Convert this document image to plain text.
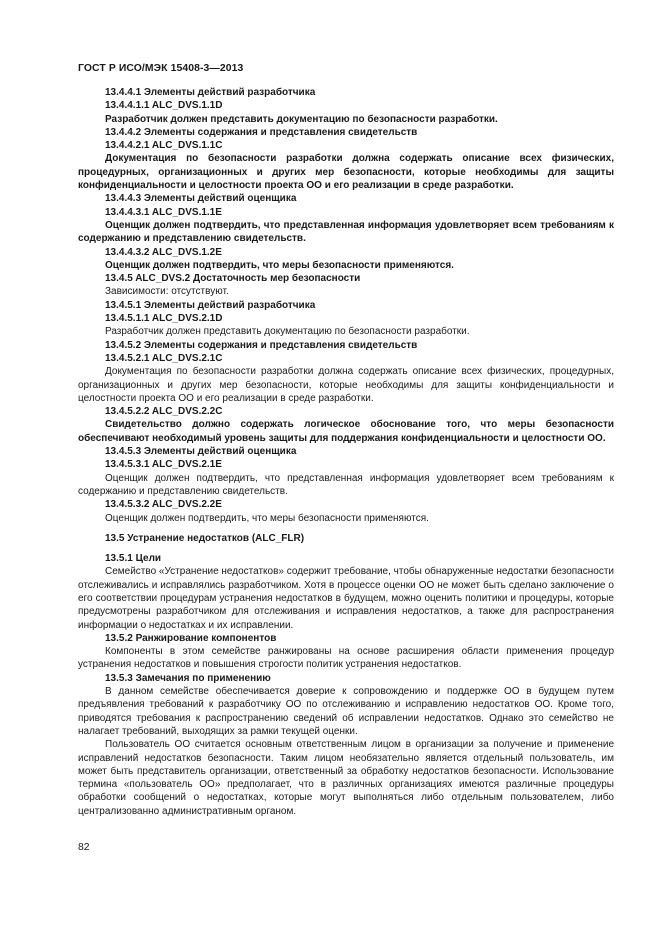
ГОСТ Р ИСО/МЭК 15408-3—2013

13.4.4.1 Элементы действий разработчика

13.4.4.1.1 ALC_DVS.1.1D

Разработчик должен представить документацию по безопасности разработки.

13.4.4.2 Элементы содержания и представления свидетельств

13.4.4.2.1 ALC_DVS.1.1C

Документация по безопасности разработки должна содержать описание всех физических, процедурных, организационных и других мер безопасности, которые необходимы для защиты конфиденциальности и целостности проекта ОО и его реализации в среде разработки.

13.4.4.3 Элементы действий оценщика

13.4.4.3.1 ALC_DVS.1.1E

Оценщик должен подтвердить, что представленная информация удовлетворяет всем требованиям к содержанию и представлению свидетельств.

13.4.4.3.2 ALC_DVS.1.2E

Оценщик должен подтвердить, что меры безопасности применяются.

13.4.5 ALC_DVS.2 Достаточность мер безопасности

Зависимости: отсутствуют.

13.4.5.1 Элементы действий разработчика

13.4.5.1.1 ALC_DVS.2.1D

Разработчик должен представить документацию по безопасности разработки.

13.4.5.2 Элементы содержания и представления свидетельств

13.4.5.2.1 ALC_DVS.2.1C

Документация по безопасности разработки должна содержать описание всех физических, процедурных, организационных и других мер безопасности, которые необходимы для защиты конфиденциальности и целостности проекта ОО и его реализации в среде разработки.

13.4.5.2.2 ALC_DVS.2.2C

Свидетельство должно содержать логическое обоснование того, что меры безопасности обеспечивают необходимый уровень защиты для поддержания конфиденциальности и целостности ОО.

13.4.5.3 Элементы действий оценщика

13.4.5.3.1 ALC_DVS.2.1E

Оценщик должен подтвердить, что представленная информация удовлетворяет всем требованиям к содержанию и представлению свидетельств.

13.4.5.3.2 ALC_DVS.2.2E

Оценщик должен подтвердить, что меры безопасности применяются.

13.5 Устранение недостатков (ALC_FLR)

13.5.1 Цели

Семейство «Устранение недостатков» содержит требование, чтобы обнаруженные недостатки безопасности отслеживались и исправлялись разработчиком. Хотя в процессе оценки ОО не может быть сделано заключение о его соответствии процедурам устранения недостатков в будущем, можно оценить политики и процедуры, которые предусмотрены разработчиком для отслеживания и исправления недостатков, а также для распространения информации о недостатках и их исправлении.

13.5.2 Ранжирование компонентов

Компоненты в этом семействе ранжированы на основе расширения области применения процедур устранения недостатков и повышения строгости политик устранения недостатков.

13.5.3 Замечания по применению

В данном семействе обеспечивается доверие к сопровождению и поддержке ОО в будущем путем предъявления требований к разработчику ОО по отслеживанию и исправлению недостатков ОО. Кроме того, приводятся требования к распространению сведений об исправлении недостатков. Однако это семейство не налагает требований, выходящих за рамки текущей оценки.

Пользователь ОО считается основным ответственным лицом в организации за получение и применение исправлений недостатков безопасности. Таким лицом необязательно является отдельный пользователь, им может быть представитель организации, ответственный за обработку недостатков безопасности. Использование термина «пользователь ОО» предполагает, что в различных организациях имеются различные процедуры обработки сообщений о недостатках, которые могут выполняться либо отдельным пользователем, либо централизованно административным органом.

82
